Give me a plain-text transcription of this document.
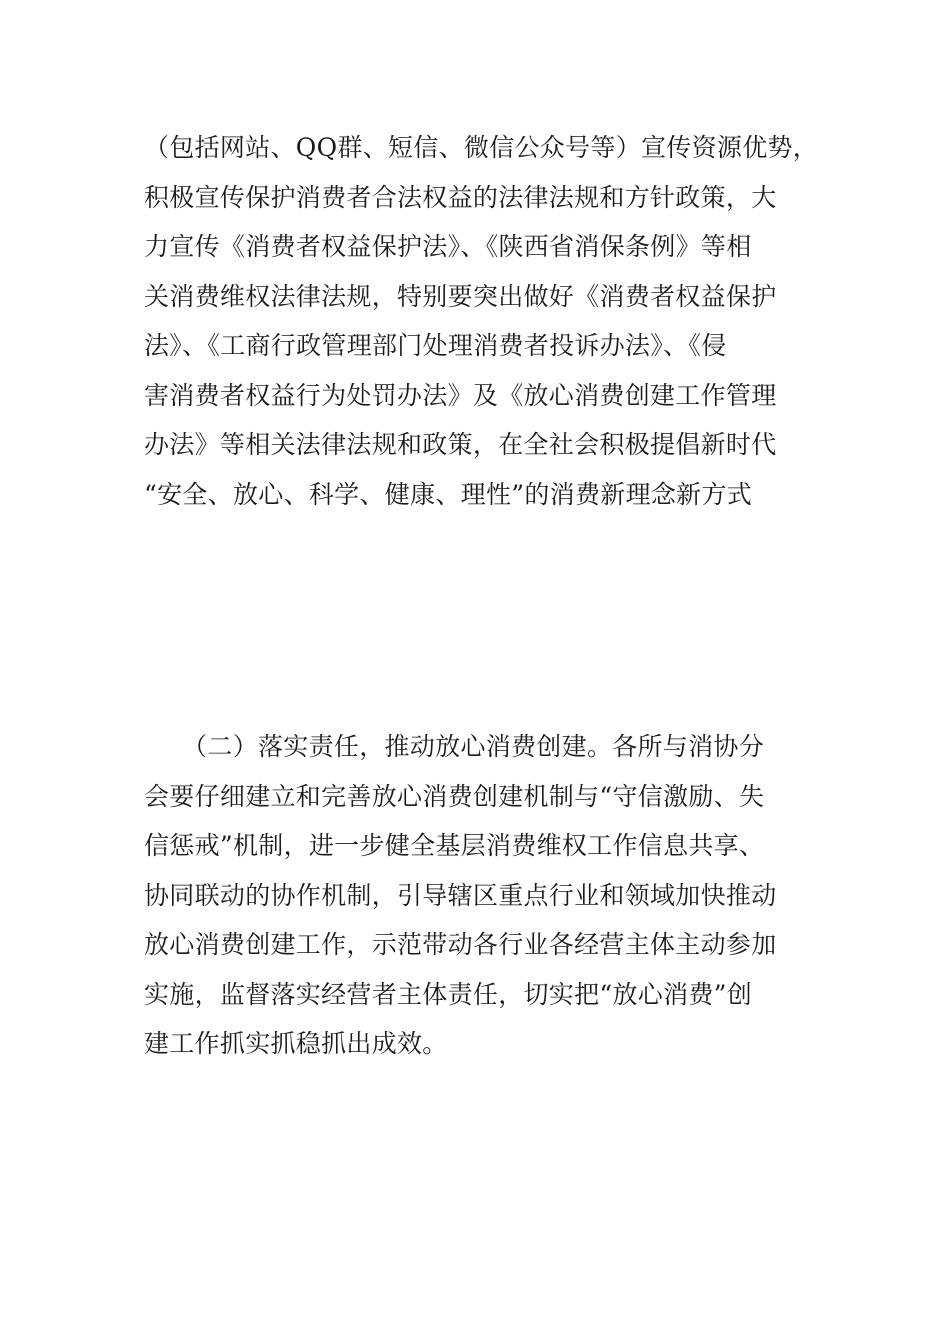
（包括网站、QQ群、短信、微信公众号等）宣传资源优势，
积极宣传保护消费者合法权益的法律法规和方针政策，大
力宣传《消费者权益保护法》、《陕西省消保条例》等相
关消费维权法律法规，特别要突出做好《消费者权益保护
法》、《工商行政管理部门处理消费者投诉办法》、《侵
害消费者权益行为处罚办法》及《放心消费创建工作管理
办法》等相关法律法规和政策，在全社会积极提倡新时代
“安全、放心、科学、健康、理性”的消费新理念新方式
　　（二）落实责任，推动放心消费创建。各所与消协分
会要仔细建立和完善放心消费创建机制与“守信激励、失
信惩戒”机制，进一步健全基层消费维权工作信息共享、
协同联动的协作机制，引导辖区重点行业和领域加快推动
放心消费创建工作，示范带动各行业各经营主体主动参加
实施，监督落实经营者主体责任，切实把“放心消费”创
建工作抓实抓稳抓出成效。
